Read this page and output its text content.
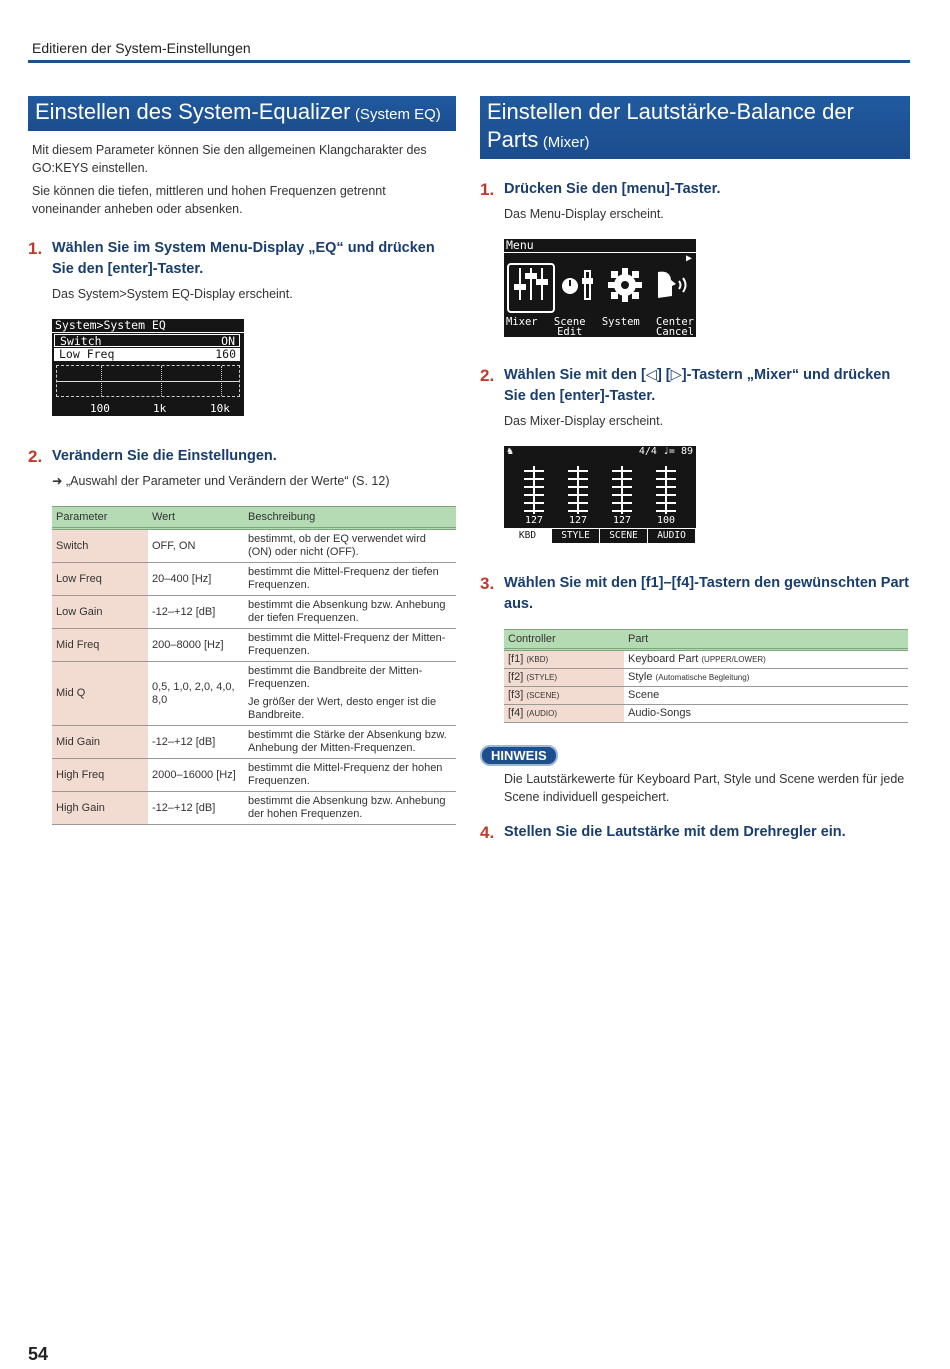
Editieren der System-Einstellungen
Einstellen des System-Equalizer (System EQ)

Mit diesem Parameter können Sie den allgemeinen Klangcharakter des GO:KEYS einstellen.

Sie können die tiefen, mittleren und hohen Frequenzen getrennt voneinander anheben oder absenken.

1. Wählen Sie im System Menu-Display „EQ“ und drücken Sie den [enter]-Taster.
Das System>System EQ-Display erscheint.
System>System EQ
Switch	ON
Low Freq	160
100	1k	10k
2. Verändern Sie die Einstellungen.
➜ „Auswahl der Parameter und Verändern der Werte“ (S. 12)
Parameter	Wert	Beschreibung
Switch	OFF, ON	bestimmt, ob der EQ verwendet wird (ON) oder nicht (OFF).
Low Freq	20–400 [Hz]	bestimmt die Mittel-Frequenz der tiefen Frequenzen.
Low Gain	-12–+12 [dB]	bestimmt die Absenkung bzw. Anhebung der tiefen Frequenzen.
Mid Freq	200–8000 [Hz]	bestimmt die Mittel-Frequenz der Mitten-Frequenzen.
Mid Q	0,5, 1,0, 2,0, 4,0, 8,0	bestimmt die Bandbreite der Mitten-Frequenzen.
Je größer der Wert, desto enger ist die Bandbreite.
Mid Gain	-12–+12 [dB]	bestimmt die Stärke der Absenkung bzw. Anhebung der Mitten-Frequenzen.
High Freq	2000–16000 [Hz]	bestimmt die Mittel-Frequenz der hohen Frequenzen.
High Gain	-12–+12 [dB]	bestimmt die Absenkung bzw. Anhebung der hohen Frequenzen.
Einstellen der Lautstärke-Balance der Parts (Mixer)
1. Drücken Sie den [menu]-Taster.
Das Menu-Display erscheint.
Menu
▶
Mixer Scene
Edit
System Center
Cancel
2. Wählen Sie mit den [◁] [▷]-Tastern „Mixer“ und drücken Sie den [enter]-Taster.
Das Mixer-Display erscheint.
♞	4/4 ♩= 89
127	127	127	100
KBD	STYLE	SCENE	AUDIO
3. Wählen Sie mit den [f1]–[f4]-Tastern den gewünschten Part aus.
Controller	Part
[f1] (KBD)	Keyboard Part (UPPER/LOWER)
[f2] (STYLE)	Style (Automatische Begleitung)
[f3] (SCENE)	Scene
[f4] (AUDIO)	Audio-Songs
HINWEIS
Die Lautstärkewerte für Keyboard Part, Style und Scene werden für jede Scene individuell gespeichert.
4. Stellen Sie die Lautstärke mit dem Drehregler ein.
54
